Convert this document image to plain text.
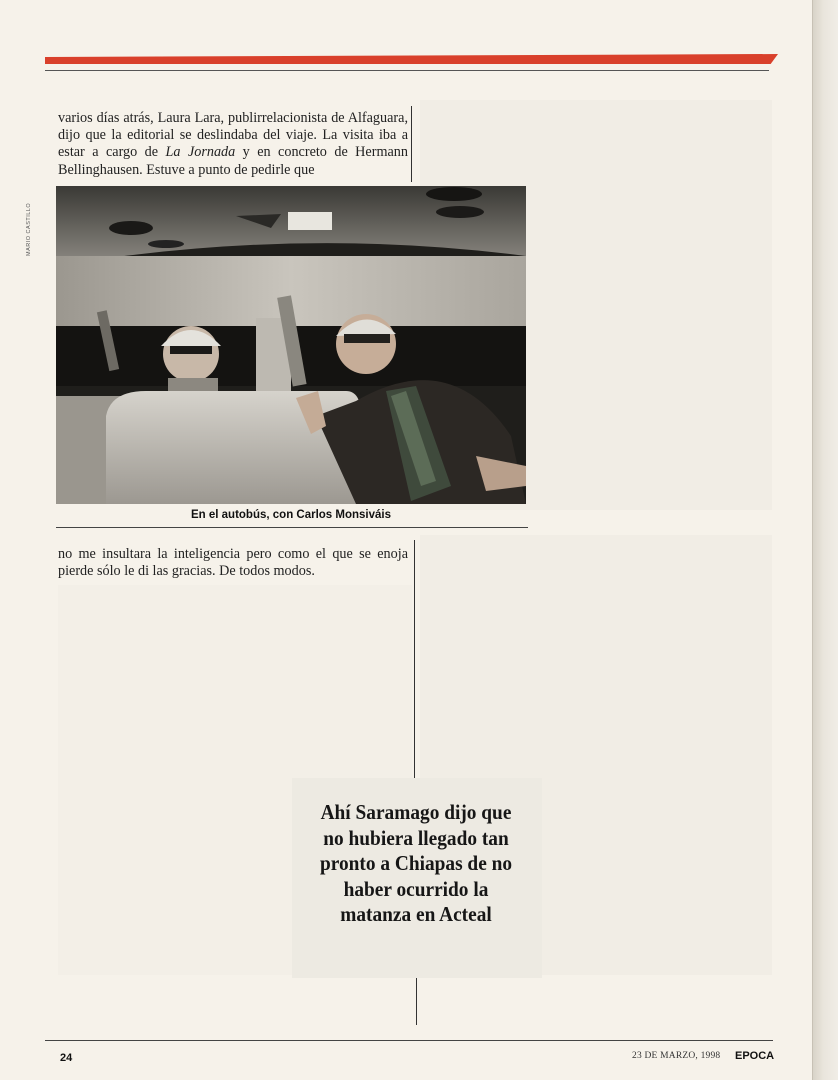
varios días atrás, Laura Lara, publirrelacionista de Alfaguara, dijo que la editorial se deslindaba del viaje. La visita iba a estar a cargo de La Jornada y en concreto de Hermann Bellinghausen. Estuve a punto de pedirle que

MARIO CASTILLO
En el autobús, con Carlos Monsiváis

no me insultara la inteligencia pero como el que se enoja pierde sólo le di las gracias. De todos modos.

Ahí Saramago dijo que no hubiera llegado tan pronto a Chiapas de no haber ocurrido la matanza en Acteal
24	23 DE MARZO, 1998 EPOCA
